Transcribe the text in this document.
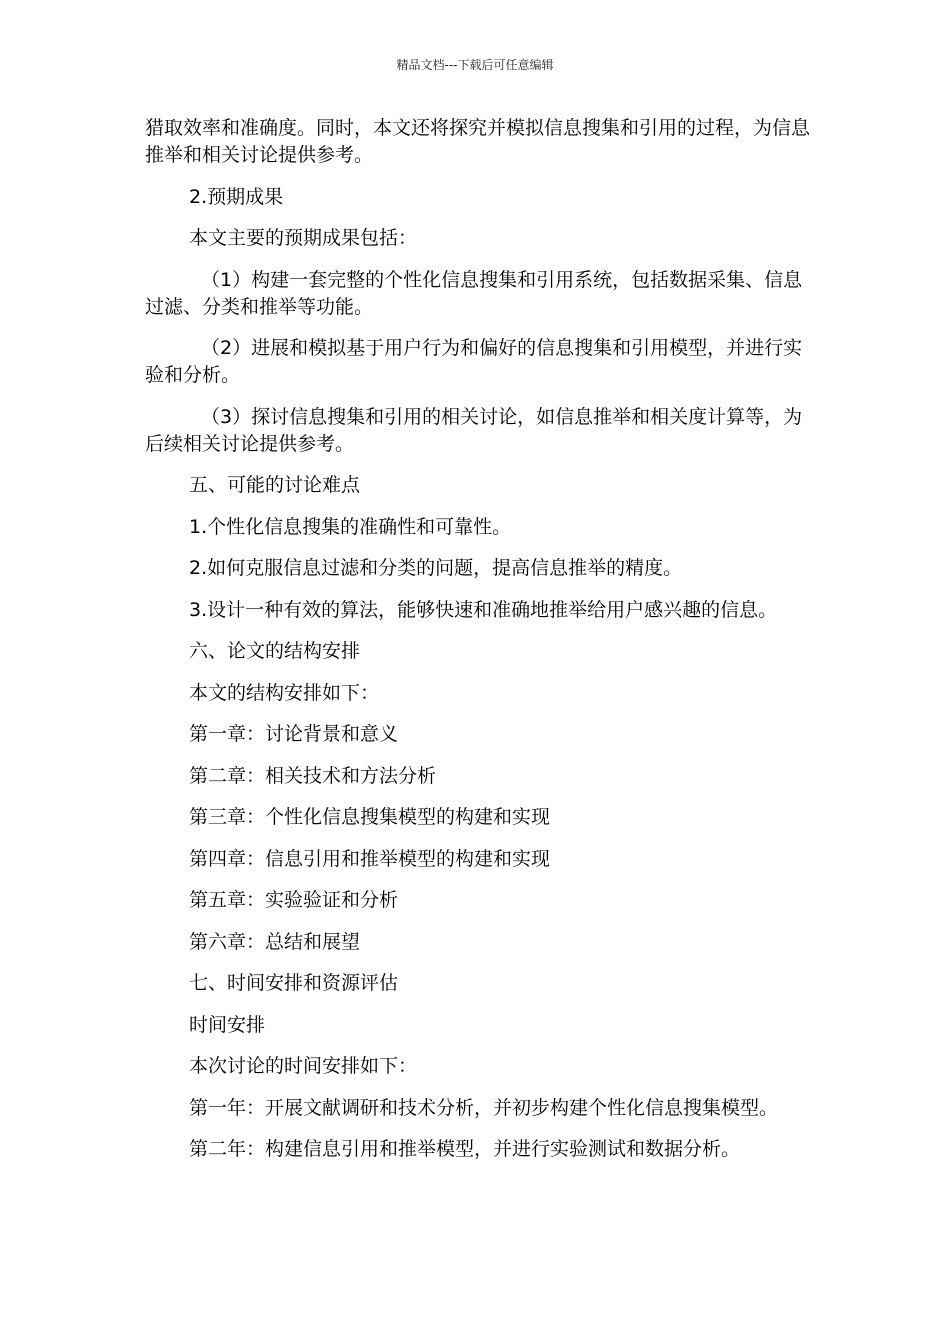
精品文档---下载后可任意编辑

猎取效率和准确度。同时，本文还将探究并模拟信息搜集和引用的过程，为信息推举和相关讨论提供参考。

2.预期成果

本文主要的预期成果包括：

（1）构建一套完整的个性化信息搜集和引用系统，包括数据采集、信息过滤、分类和推举等功能。

（2）进展和模拟基于用户行为和偏好的信息搜集和引用模型，并进行实验和分析。

（3）探讨信息搜集和引用的相关讨论，如信息推举和相关度计算等，为后续相关讨论提供参考。

五、可能的讨论难点

1.个性化信息搜集的准确性和可靠性。

2.如何克服信息过滤和分类的问题，提高信息推举的精度。

3.设计一种有效的算法，能够快速和准确地推举给用户感兴趣的信息。

六、论文的结构安排

本文的结构安排如下：

第一章：讨论背景和意义

第二章：相关技术和方法分析

第三章：个性化信息搜集模型的构建和实现

第四章：信息引用和推举模型的构建和实现

第五章：实验验证和分析

第六章：总结和展望

七、时间安排和资源评估

时间安排

本次讨论的时间安排如下：

第一年：开展文献调研和技术分析，并初步构建个性化信息搜集模型。

第二年：构建信息引用和推举模型，并进行实验测试和数据分析。
